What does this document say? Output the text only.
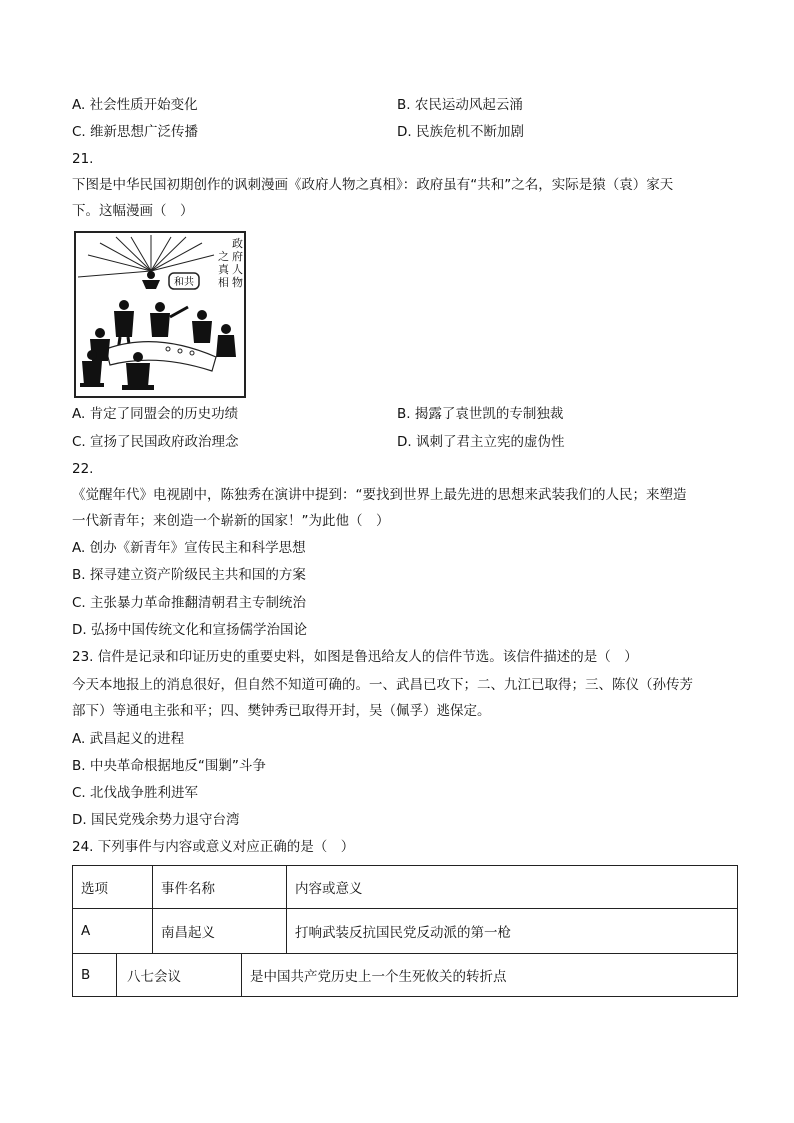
A. 社会性质开始变化	B. 农民运动风起云涌
C. 维新思想广泛传播	D. 民族危机不断加剧
21.
下图是中华民国初期创作的讽刺漫画《政府人物之真相》：政府虽有“共和”之名，实际是猿（袁）家天
下。这幅漫画（　）
和共
政 府 人 物 之 真 相
A. 肯定了同盟会的历史功绩	B. 揭露了袁世凯的专制独裁
C. 宣扬了民国政府政治理念	D. 讽刺了君主立宪的虚伪性
22.
《觉醒年代》电视剧中，陈独秀在演讲中提到：“要找到世界上最先进的思想来武装我们的人民；来塑造
一代新青年；来创造一个崭新的国家！”为此他（　）
A. 创办《新青年》宣传民主和科学思想
B. 探寻建立资产阶级民主共和国的方案
C. 主张暴力革命推翻清朝君主专制统治
D. 弘扬中国传统文化和宣扬儒学治国论
23. 信件是记录和印证历史的重要史料，如图是鲁迅给友人的信件节选。该信件描述的是（　）
今天本地报上的消息很好，但自然不知道可确的。一、武昌已攻下；二、九江已取得；三、陈仪（孙传芳
部下）等通电主张和平；四、樊钟秀已取得开封，吴（佩孚）逃保定。
A. 武昌起义的进程
B. 中央革命根据地反“围剿”斗争
C. 北伐战争胜利进军
D. 国民党残余势力退守台湾
24. 下列事件与内容或意义对应正确的是（　）
选项	事件名称	内容或意义
A	南昌起义	打响武装反抗国民党反动派的第一枪
B	八七会议	是中国共产党历史上一个生死攸关的转折点
